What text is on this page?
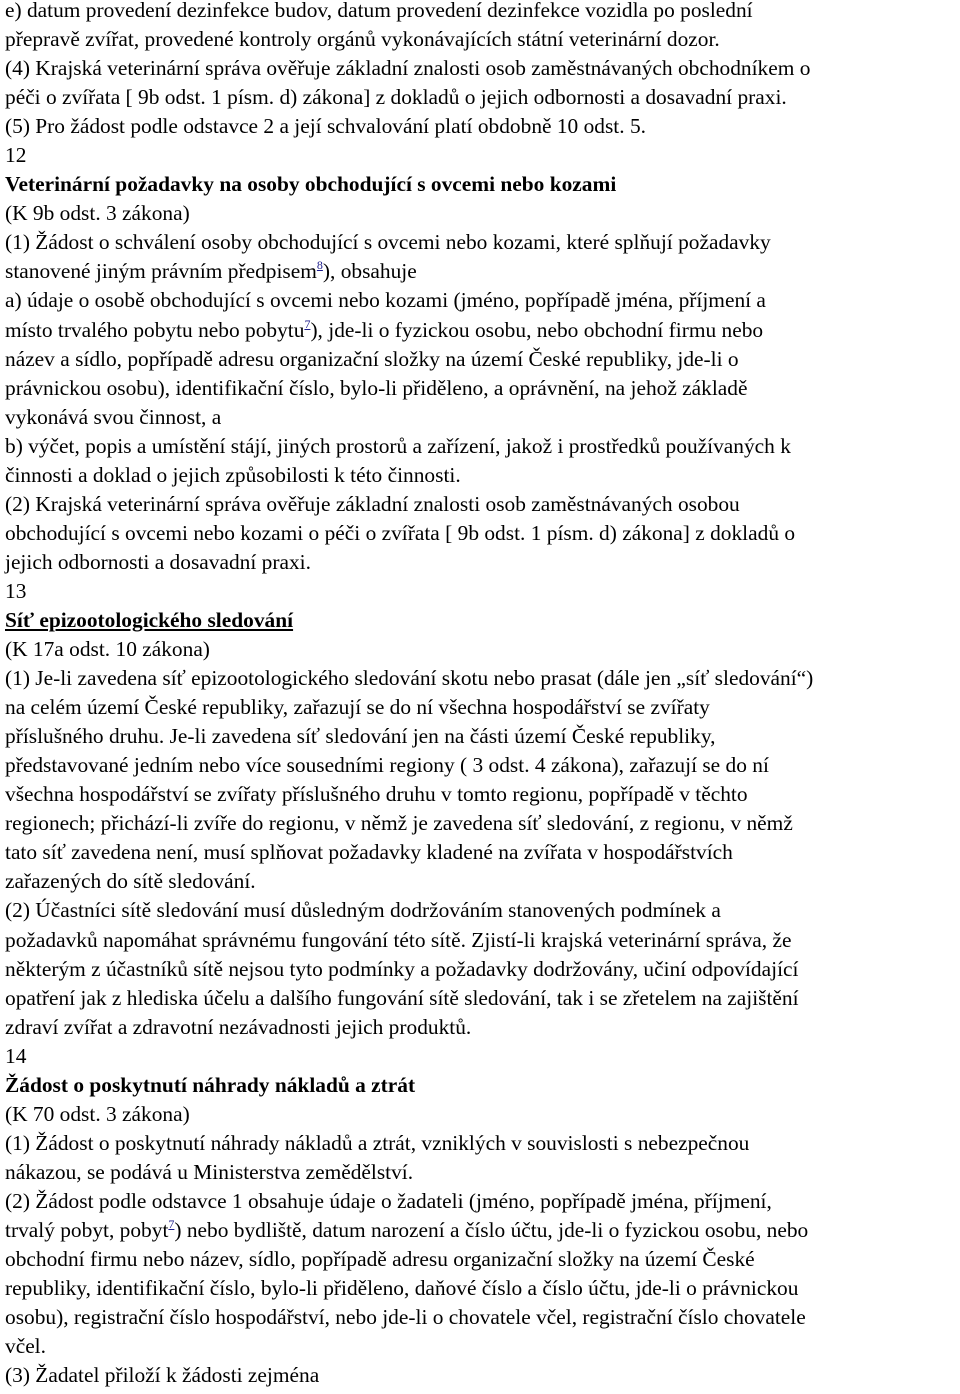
e) datum provedení dezinfekce budov, datum provedení dezinfekce vozidla po poslední
přepravě zvířat, provedené kontroly orgánů vykonávajících státní veterinární dozor.
(4) Krajská veterinární správa ověřuje základní znalosti osob zaměstnávaných obchodníkem o
péči o zvířata [ 9b odst. 1 písm. d) zákona] z dokladů o jejich odbornosti a dosavadní praxi.
(5) Pro žádost podle odstavce 2 a její schvalování platí obdobně 10 odst. 5.
12
Veterinární požadavky na osoby obchodující s ovcemi nebo kozami
(K 9b odst. 3 zákona)
(1) Žádost o schválení osoby obchodující s ovcemi nebo kozami, které splňují požadavky
stanovené jiným právním předpisem$^8$), obsahuje
a) údaje o osobě obchodující s ovcemi nebo kozami (jméno, popřípadě jména, příjmení a
místo trvalého pobytu nebo pobytu$^7$), jde-li o fyzickou osobu, nebo obchodní firmu nebo
název a sídlo, popřípadě adresu organizační složky na území České republiky, jde-li o
právnickou osobu), identifikační číslo, bylo-li přiděleno, a oprávnění, na jehož základě
vykonává svou činnost, a
b) výčet, popis a umístění stájí, jiných prostorů a zařízení, jakož i prostředků používaných k
činnosti a doklad o jejich způsobilosti k této činnosti.
(2) Krajská veterinární správa ověřuje základní znalosti osob zaměstnávaných osobou
obchodující s ovcemi nebo kozami o péči o zvířata [ 9b odst. 1 písm. d) zákona] z dokladů o
jejich odbornosti a dosavadní praxi.
13
Síť epizootologického sledování
(K 17a odst. 10 zákona)
(1) Je-li zavedena síť epizootologického sledování skotu nebo prasat (dále jen „síť sledování“)
na celém území České republiky, zařazují se do ní všechna hospodářství se zvířaty
příslušného druhu. Je-li zavedena síť sledování jen na části území České republiky,
představované jedním nebo více sousedními regiony ( 3 odst. 4 zákona), zařazují se do ní
všechna hospodářství se zvířaty příslušného druhu v tomto regionu, popřípadě v těchto
regionech; přichází-li zvíře do regionu, v němž je zavedena síť sledování, z regionu, v němž
tato síť zavedena není, musí splňovat požadavky kladené na zvířata v hospodářstvích
zařazených do sítě sledování.
(2) Účastníci sítě sledování musí důsledným dodržováním stanovených podmínek a
požadavků napomáhat správnému fungování této sítě. Zjistí-li krajská veterinární správa, že
některým z účastníků sítě nejsou tyto podmínky a požadavky dodržovány, učiní odpovídající
opatření jak z hlediska účelu a dalšího fungování sítě sledování, tak i se zřetelem na zajištění
zdraví zvířat a zdravotní nezávadnosti jejich produktů.
14
Žádost o poskytnutí náhrady nákladů a ztrát
(K 70 odst. 3 zákona)
(1) Žádost o poskytnutí náhrady nákladů a ztrát, vzniklých v souvislosti s nebezpečnou
nákazou, se podává u Ministerstva zemědělství.
(2) Žádost podle odstavce 1 obsahuje údaje o žadateli (jméno, popřípadě jména, příjmení,
trvalý pobyt, pobyt$^7$) nebo bydliště, datum narození a číslo účtu, jde-li o fyzickou osobu, nebo
obchodní firmu nebo název, sídlo, popřípadě adresu organizační složky na území České
republiky, identifikační číslo, bylo-li přiděleno, daňové číslo a číslo účtu, jde-li o právnickou
osobu), registrační číslo hospodářství, nebo jde-li o chovatele včel, registrační číslo chovatele
včel.
(3) Žadatel přiloží k žádosti zejména
